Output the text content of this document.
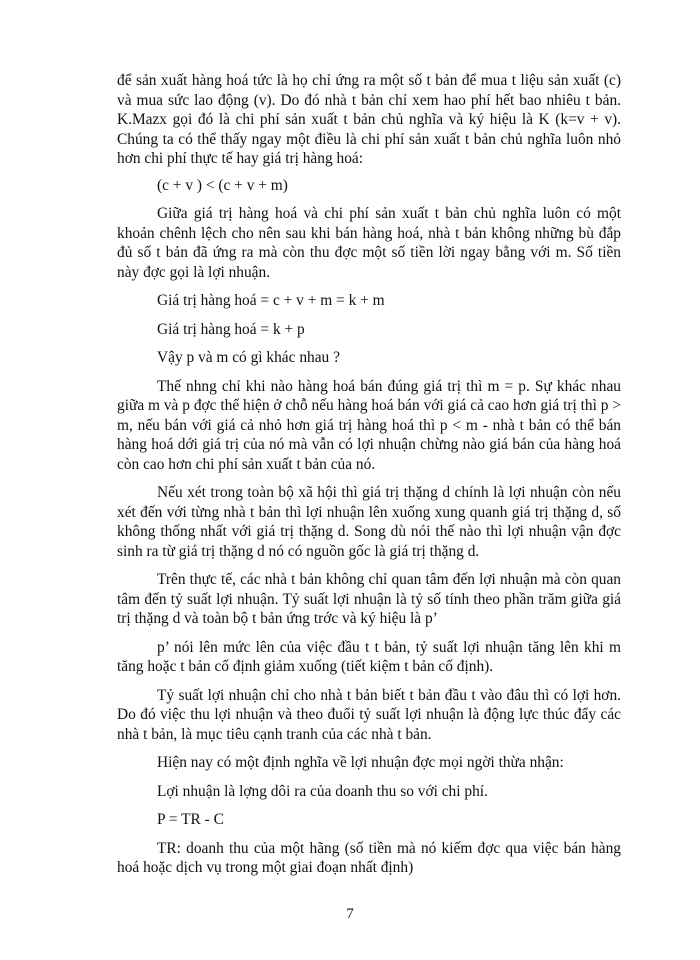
để sản xuất hàng hoá tức là họ chỉ ứng ra một số t bản để mua t liệu sản xuất (c) và mua sức lao động (v). Do đó nhà t bản chỉ xem hao phí hết bao nhiêu t bản. K.Mazx gọi đó là chi phí sản xuất t bản chủ nghĩa và ký hiệu là K (k=v + v). Chúng ta có thể thấy ngay một điều là chi phí sản xuất t bản chủ nghĩa luôn nhỏ hơn chi phí thực tế hay giá trị hàng hoá:

(c + v ) < (c + v + m)

Giữa giá trị hàng hoá và chi phí sản xuất t bản chủ nghĩa luôn có một khoản chênh lệch cho nên sau khi bán hàng hoá, nhà t bản không những bù đắp đủ số t bản đã ứng ra mà còn thu đợc một số tiền lời ngay bằng với m. Số tiền này đợc gọi là lợi nhuận.

Giá trị hàng hoá = c + v + m = k + m

Giá trị hàng hoá = k + p

Vậy p và m có gì khác nhau ?

Thế nhng chỉ khi nào hàng hoá bán đúng giá trị thì m = p. Sự khác nhau giữa m và p đợc thể hiện ở chỗ nếu hàng hoá bán với giá cả cao hơn giá trị thì p > m, nếu bán với giá cả nhỏ hơn giá trị hàng hoá thì p < m - nhà t bản có thể bán hàng hoá dới giá trị của nó mà vẫn có lợi nhuận chừng nào giá bán của hàng hoá còn cao hơn chi phí sản xuất t bản của nó.

Nếu xét trong toàn bộ xã hội thì giá trị thặng d chính là lợi nhuận còn nếu xét đến với từng nhà t bản thì lợi nhuận lên xuống xung quanh giá trị thặng d, số không thống nhất với giá trị thặng d. Song dù nói thế nào thì lợi nhuận vận đợc sinh ra từ giá trị thặng d nó có nguồn gốc là giá trị thặng d.

Trên thực tế, các nhà t bản không chỉ quan tâm đến lợi nhuận mà còn quan tâm đến tỷ suất lợi nhuận. Tỷ suất lợi nhuận là tỷ số tính theo phần trăm giữa giá trị thặng d và toàn bộ t bản ứng trớc và ký hiệu là p’

p’ nói lên mức lên của việc đầu t t bản, tỷ suất lợi nhuận tăng lên khi m tăng hoặc t bản cố định giảm xuống (tiết kiệm t bản cố định).

Tỷ suất lợi nhuận chỉ cho nhà t bản biết t bản đầu t vào đâu thì có lợi hơn. Do đó việc thu lợi nhuận và theo đuổi tỷ suất lợi nhuận là động lực thúc đẩy các nhà t bản, là mục tiêu cạnh tranh của các nhà t bản.

Hiện nay có một định nghĩa về lợi nhuận đợc mọi ngời thừa nhận:

Lợi nhuận là lợng dôi ra của doanh thu so với chi phí.

P = TR - C

TR: doanh thu của một hãng (số tiền mà nó kiếm đợc qua việc bán hàng hoá hoặc dịch vụ trong một giai đoạn nhất định)

7
